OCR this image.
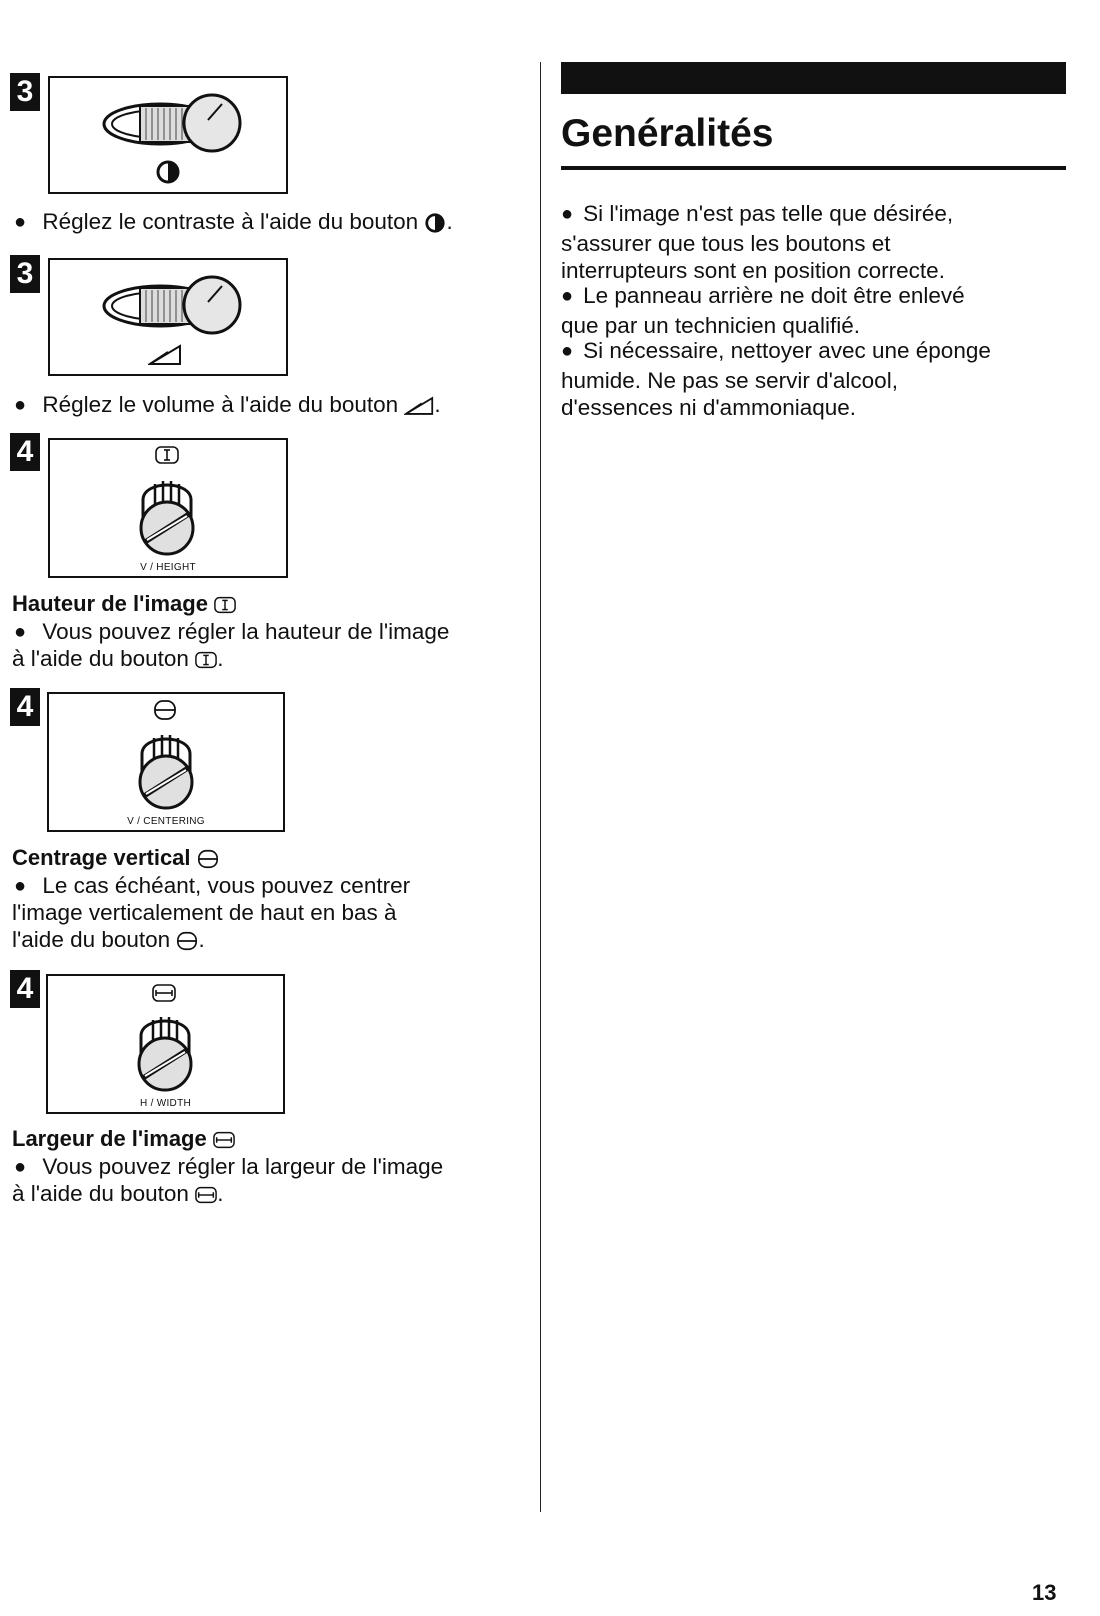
3
● Réglez le contraste à l'aide du bouton .
3
● Réglez le volume à l'aide du bouton .
V / HEIGHT
4
Hauteur de l'image
● Vous pouvez régler la hauteur de l'image
à l'aide du bouton .
V / CENTERING
4
Centrage vertical
● Le cas échéant, vous pouvez centrer
l'image verticalement de haut en bas à
l'aide du bouton .
H / WIDTH
4
Largeur de l'image
● Vous pouvez régler la largeur de l'image
à l'aide du bouton .
Genéralités
● Si l'image n'est pas telle que désirée,
s'assurer que tous les boutons et
interrupteurs sont en position correcte.
● Le panneau arrière ne doit être enlevé
que par un technicien qualifié.
● Si nécessaire, nettoyer avec une éponge
humide. Ne pas se servir d'alcool,
d'essences ni d'ammoniaque.
13
